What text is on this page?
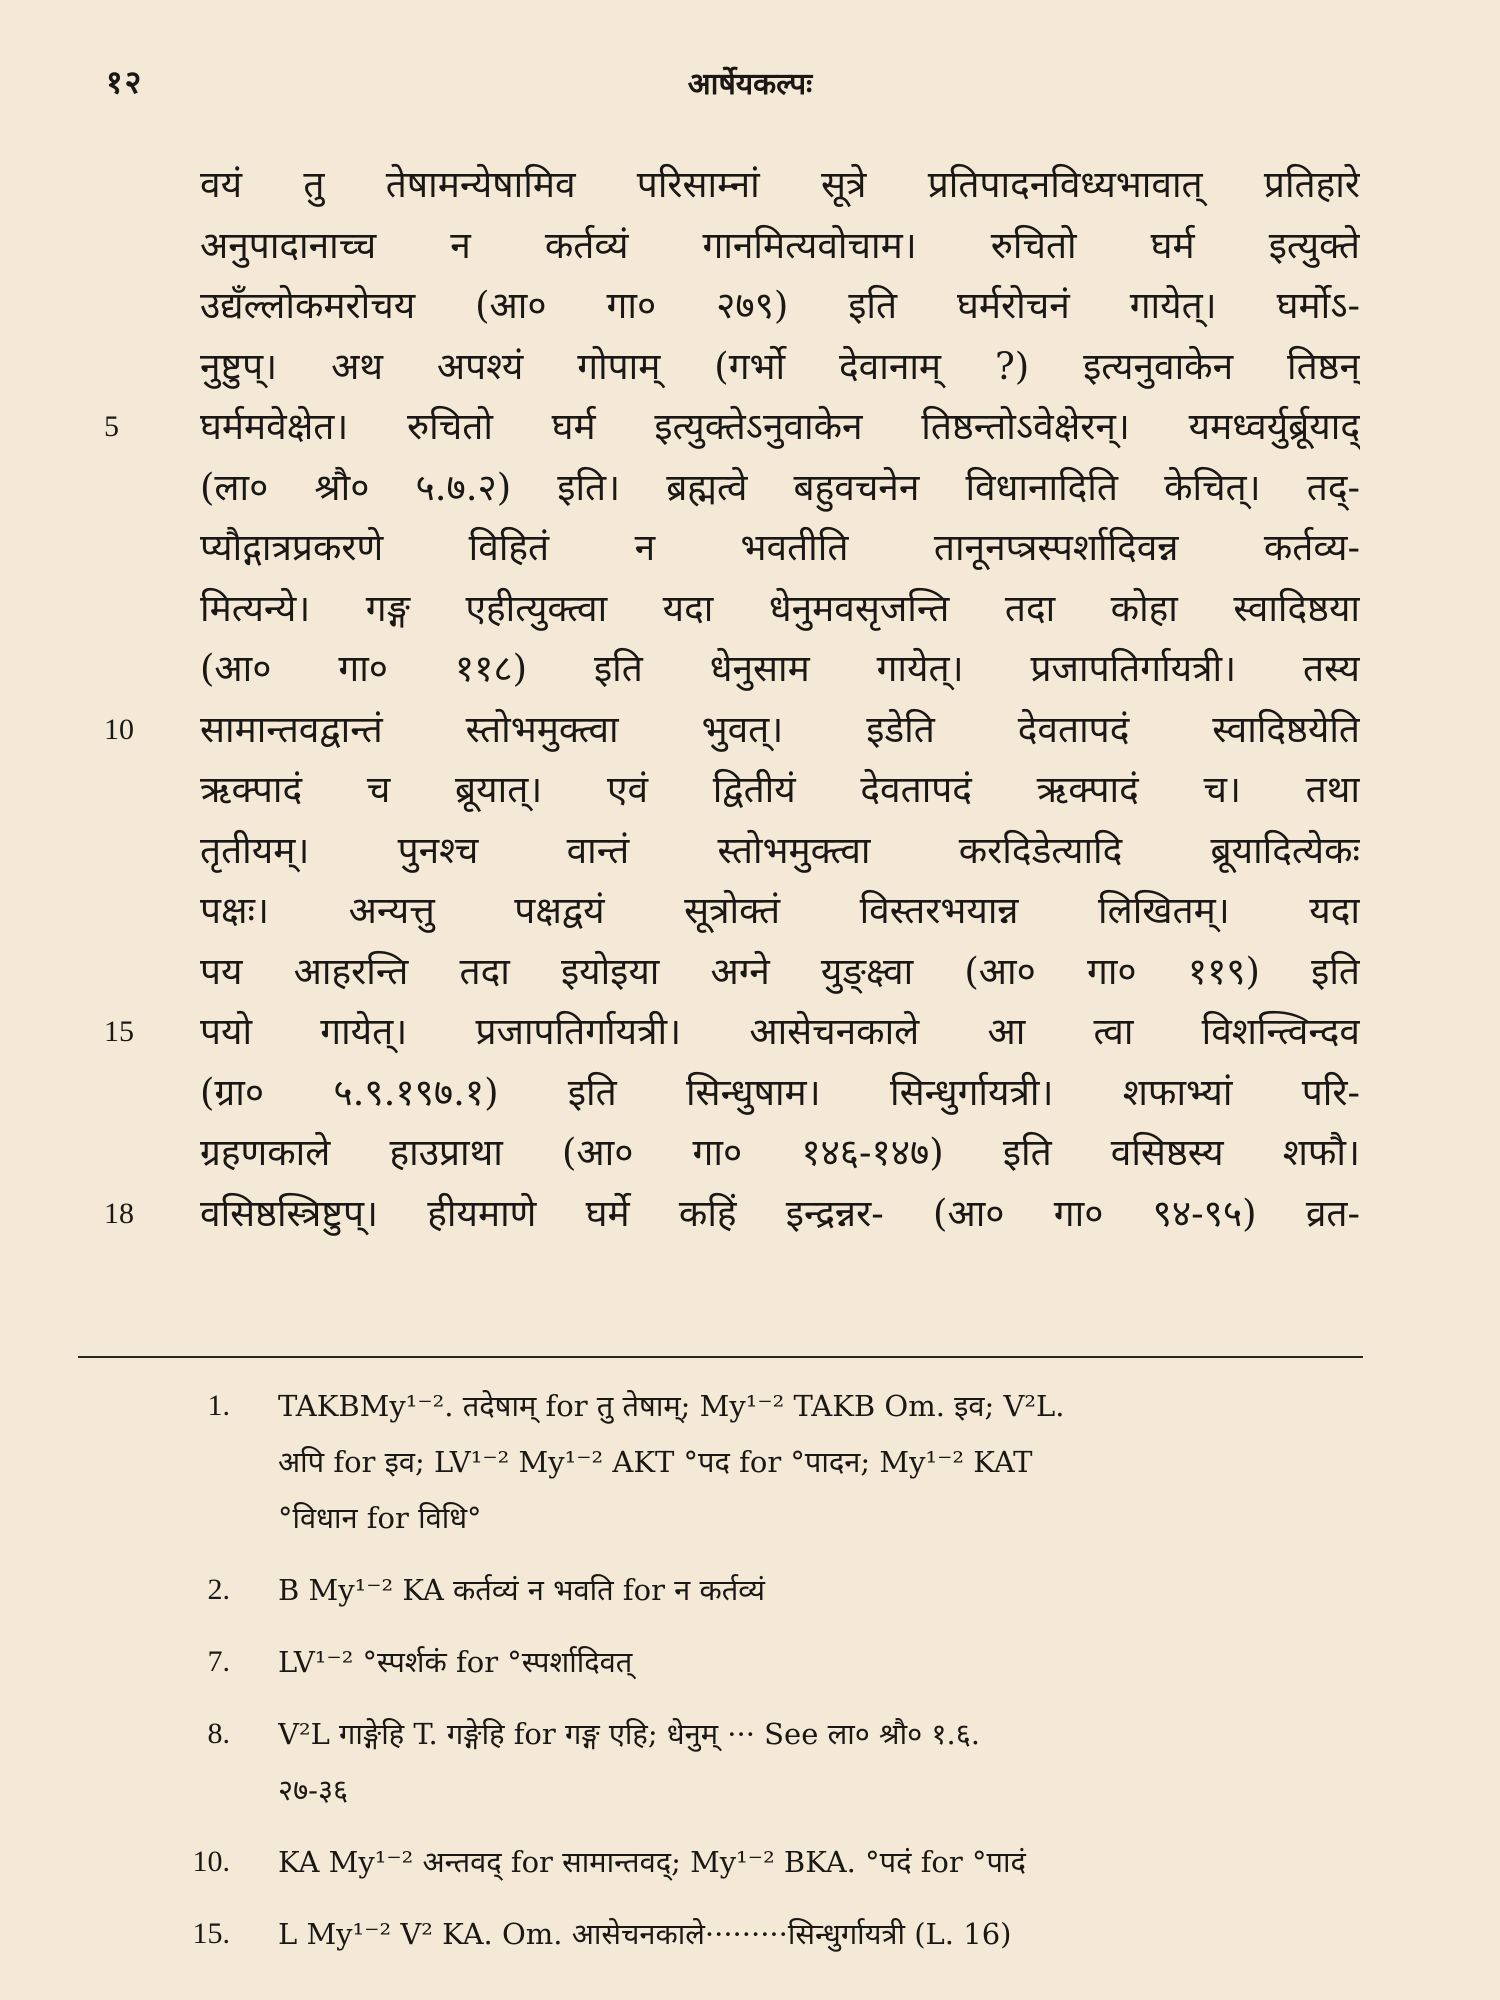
१२	आर्षेयकल्पः
वयं तु तेषामन्येषामिव परिसाम्नां सूत्रे प्रतिपादनविध्यभावात् प्रतिहारे
अनुपादानाच्च न कर्तव्यं गानमित्यवोचाम। रुचितो घर्म इत्युक्ते
उद्यँल्लोकमरोचय (आ० गा० २७९) इति घर्मरोचनं गायेत्। घर्मोऽ-
नुष्टुप्। अथ अपश्यं गोपाम् (गर्भो देवानाम् ?) इत्यनुवाकेन तिष्ठन्
घर्ममवेक्षेत। रुचितो घर्म इत्युक्तेऽनुवाकेन तिष्ठन्तोऽवेक्षेरन्। यमध्वर्युर्ब्रूयाद्
(ला० श्रौ० ५.७.२) इति। ब्रह्मत्वे बहुवचनेन विधानादिति केचित्। तद्-
प्यौद्गात्रप्रकरणे विहितं न भवतीति तानूनप्त्रस्पर्शादिवन्न कर्तव्य-
मित्यन्ये। गङ्ग एहीत्युक्त्वा यदा धेनुमवसृजन्ति तदा कोहा स्वादिष्ठया
(आ० गा० ११८) इति धेनुसाम गायेत्। प्रजापतिर्गायत्री। तस्य
सामान्तवद्वान्तं स्तोभमुक्त्वा भुवत्। इडेति देवतापदं स्वादिष्ठयेति
ऋक्पादं च ब्रूयात्। एवं द्वितीयं देवतापदं ऋक्पादं च। तथा
तृतीयम्। पुनश्च वान्तं स्तोभमुक्त्वा करदिडेत्यादि ब्रूयादित्येकः
पक्षः। अन्यत्तु पक्षद्वयं सूत्रोक्तं विस्तरभयान्न लिखितम्। यदा
पय आहरन्ति तदा इयोइया अग्ने युङ्क्ष्वा (आ० गा० ११९) इति
पयो गायेत्। प्रजापतिर्गायत्री। आसेचनकाले आ त्वा विशन्त्विन्दव
(ग्रा० ५.९.१९७.१) इति सिन्धुषाम। सिन्धुर्गायत्री। शफाभ्यां परि-
ग्रहणकाले हाउप्राथा (आ० गा० १४६-१४७) इति वसिष्ठस्य शफौ।
वसिष्ठस्त्रिष्टुप्। हीयमाणे घर्मे कहिं इन्द्रन्नर- (आ० गा० ९४-९५) व्रत-
5
10
15
18
1. TAKBMy¹⁻². तदेषाम् for तु तेषाम्; My¹⁻² TAKB Om. इव; V²L.
अपि for इव; LV¹⁻² My¹⁻² AKT °पद for °पादन; My¹⁻² KAT
°विधान for विधि°
2. B My¹⁻² KA कर्तव्यं न भवति for न कर्तव्यं
7. LV¹⁻² °स्पर्शकं for °स्पर्शादिवत्
8. V²L गाङ्गेहि T. गङ्गेहि for गङ्ग एहि; धेनुम् ··· See ला० श्रौ० १.६.
२७-३६
10. KA My¹⁻² अन्तवद् for सामान्तवद्; My¹⁻² BKA. °पदं for °पादं
15. L My¹⁻² V² KA. Om. आसेचनकाले·········सिन्धुर्गायत्री (L. 16)
